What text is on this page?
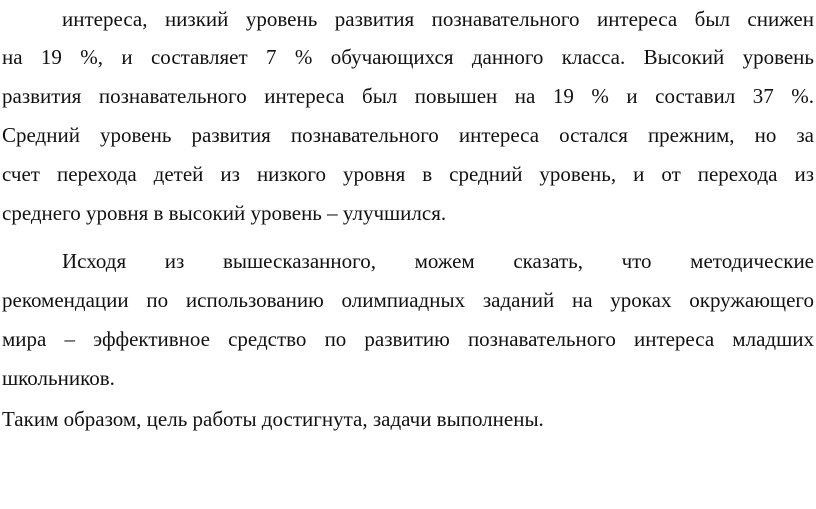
интереса, низкий уровень развития познавательного интереса был снижен
на 19 %, и составляет 7 % обучающихся данного класса. Высокий уровень
развития познавательного интереса был повышен на 19 % и составил 37 %.
Средний уровень развития познавательного интереса остался прежним, но за
счет перехода детей из низкого уровня в средний уровень, и от перехода из
среднего уровня в высокий уровень – улучшился.
Исходя из вышесказанного, можем сказать, что методические
рекомендации по использованию олимпиадных заданий на уроках окружающего
мира – эффективное средство по развитию познавательного интереса младших
школьников.
Таким образом, цель работы достигнута, задачи выполнены.
